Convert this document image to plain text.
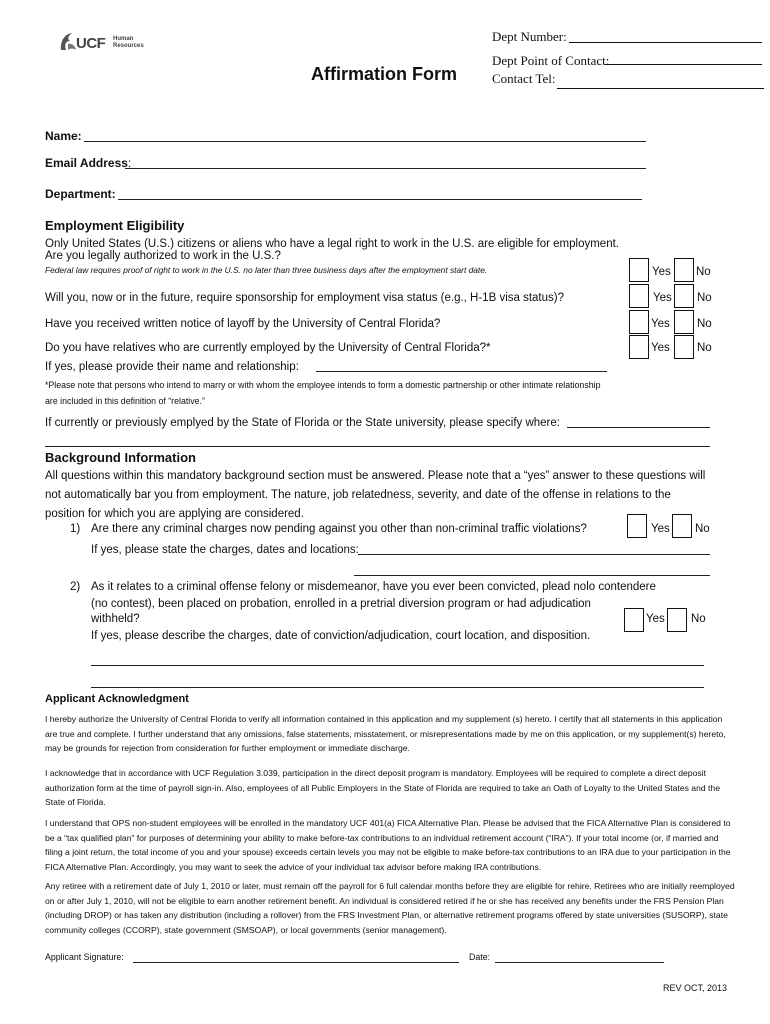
UCF Human
Resources
Affirmation Form
Dept Number:
Dept Point of Contact:
Contact Tel:
Name:
Email Address:
Department:
Employment Eligibility
Only United States (U.S.) citizens or aliens who have a legal right to work in the U.S. are eligible for employment.
Are you legally authorized to work in the U.S.?
Federal law requires proof of right to work in the U.S. no later than three business days after the employment start date.	Yes No
Will you, now or in the future, require sponsorship for employment visa status (e.g., H-1B visa status)?	Yes No
Have you received written notice of layoff by the University of Central Florida?	Yes No
Do you have relatives who are currently employed by the University of Central Florida?*	Yes No
If yes, please provide their name and relationship:
*Please note that persons who intend to marry or with whom the employee intends to form a domestic partnership or other intimate relationship
are included in this definition of “relative.”
If currently or previously emplyed by the State of Florida or the State university, please specify where:
Background Information
All questions within this mandatory background section must be answered. Please note that a “yes” answer to these questions will
not automatically bar you from employment. The nature, job relatedness, severity, and date of the offense in relations to the
position for which you are applying are considered.
1) Are there any criminal charges now pending against you other than non-criminal traffic violations?	Yes No
If yes, please state the charges, dates and locations:
2) As it relates to a criminal offense felony or misdemeanor, have you ever been convicted, plead nolo contendere
(no contest), been placed on probation, enrolled in a pretrial diversion program or had adjudication
withheld?	Yes No
If yes, please describe the charges, date of conviction/adjudication, court location, and disposition.
Applicant Acknowledgment
I hereby authorize the University of Central Florida to verify all information contained in this application and my supplement (s) hereto. I certify that all statements in this application are true and complete. I further understand that any omissions, false statements, misstatement, or misrepresentations made by me on this application, or my supplement(s) hereto, may be grounds for rejection from consideration for further employment or immediate discharge.
I acknowledge that in accordance with UCF Regulation 3.039, participation in the direct deposit program is mandatory. Employees will be required to complete a direct deposit authorization form at the time of payroll sign-in. Also, employees of all Public Employers in the State of Florida are required to take an Oath of Loyalty to the United States and the State of Florida.
I understand that OPS non-student employees will be enrolled in the mandatory UCF 401(a) FICA Alternative Plan. Please be advised that the FICA Alternative Plan is considered to be a “tax qualified plan” for purposes of determining your ability to make before-tax contributions to an individual retirement account (“IRA”). If your total income (or, if married and filing a joint return, the total income of you and your spouse) exceeds certain levels you may not be eligible to make before-tax contributions to an IRA due to your participation in the FICA Alternative Plan. Accordingly, you may want to seek the advice of your individual tax advisor before making IRA contributions.
Any retiree with a retirement date of July 1, 2010 or later, must remain off the payroll for 6 full calendar months before they are eligible for rehire. Retirees who are initially reemployed on or after July 1, 2010, will not be eligible to earn another retirement benefit. An individual is considered retired if he or she has received any benefits under the FRS Pension Plan (including DROP) or has taken any distribution (including a rollover) from the FRS Investment Plan, or alternative retirement programs offered by state universities (SUSORP), state community colleges (CCORP), state government (SMSOAP), or local governments (senior management).
Applicant Signature:	Date:
REV OCT, 2013
